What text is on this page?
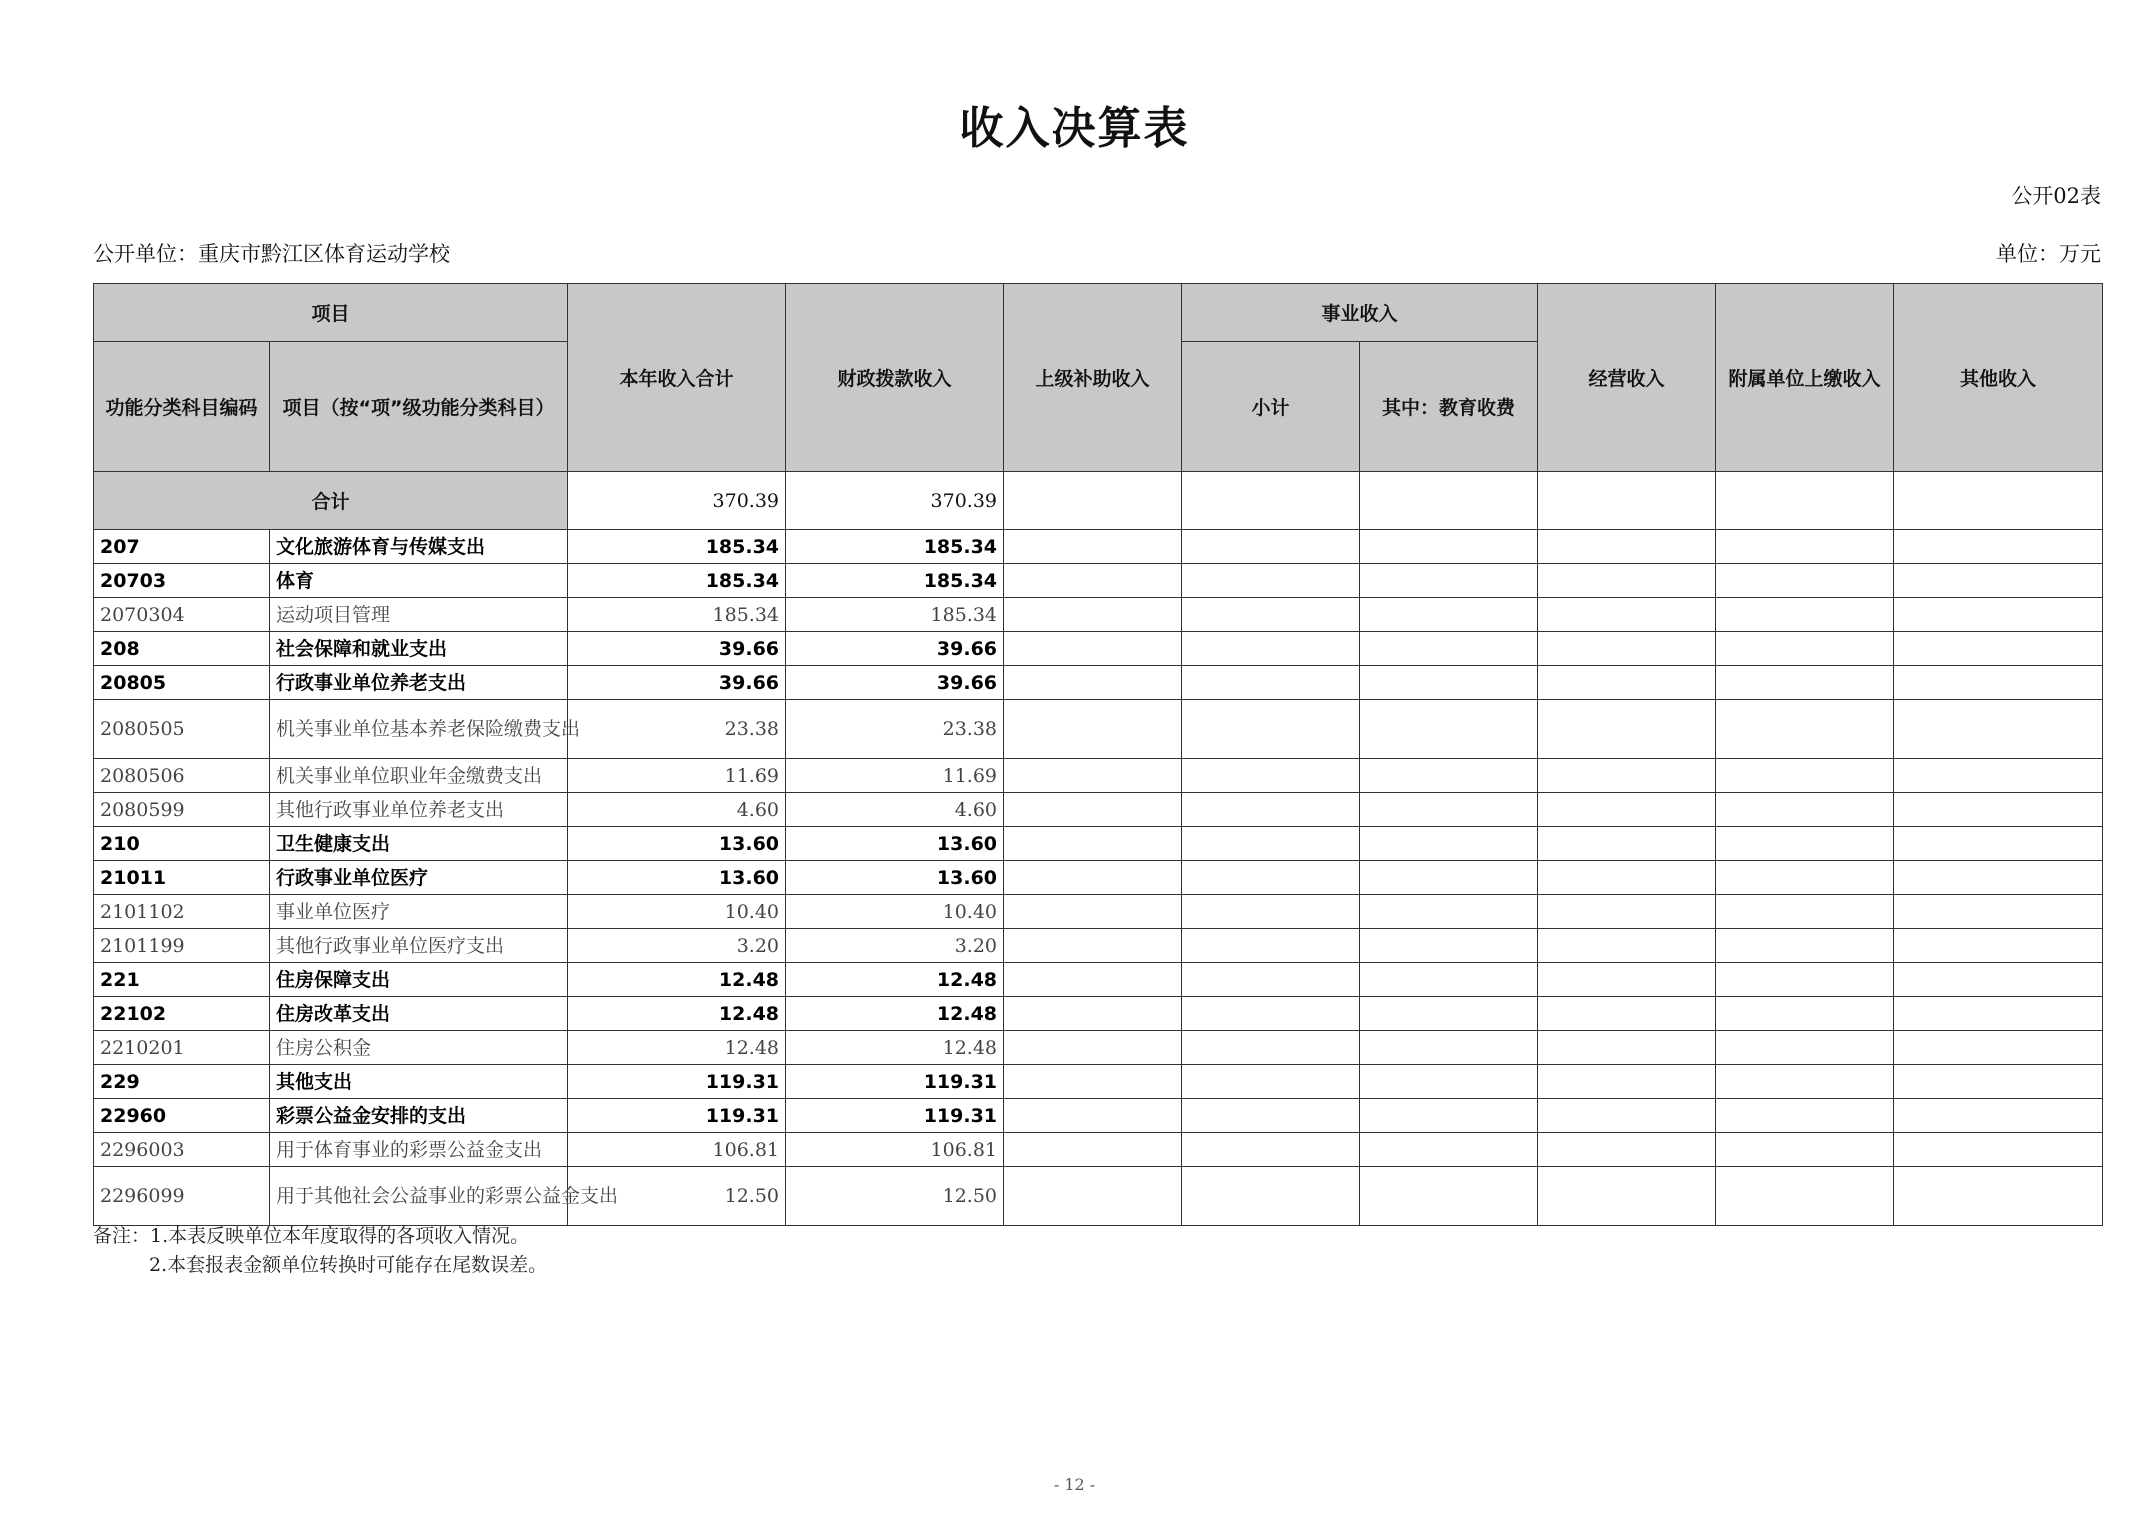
收入决算表
公开02表
公开单位：重庆市黔江区体育运动学校	单位：万元
项目		本年收入合计	财政拨款收入	上级补助收入	事业收入		经营收入	附属单位上缴收入	其他收入
功能分类科目编码	项目（按“项”级功能分类科目）				小计	其中：教育收费			
合计		370.39	370.39						
207	文化旅游体育与传媒支出	185.34	185.34						
20703	体育	185.34	185.34						
2070304	运动项目管理	185.34	185.34						
208	社会保障和就业支出	39.66	39.66						
20805	行政事业单位养老支出	39.66	39.66						
2080505	机关事业单位基本养老保险缴费支出	23.38	23.38						
2080506	机关事业单位职业年金缴费支出	11.69	11.69						
2080599	其他行政事业单位养老支出	4.60	4.60						
210	卫生健康支出	13.60	13.60						
21011	行政事业单位医疗	13.60	13.60						
2101102	事业单位医疗	10.40	10.40						
2101199	其他行政事业单位医疗支出	3.20	3.20						
221	住房保障支出	12.48	12.48						
22102	住房改革支出	12.48	12.48						
2210201	住房公积金	12.48	12.48						
229	其他支出	119.31	119.31						
22960	彩票公益金安排的支出	119.31	119.31						
2296003	用于体育事业的彩票公益金支出	106.81	106.81						
2296099	用于其他社会公益事业的彩票公益金支出	12.50	12.50						
备注：1.本表反映单位本年度取得的各项收入情况。
2.本套报表金额单位转换时可能存在尾数误差。
- 12 -
